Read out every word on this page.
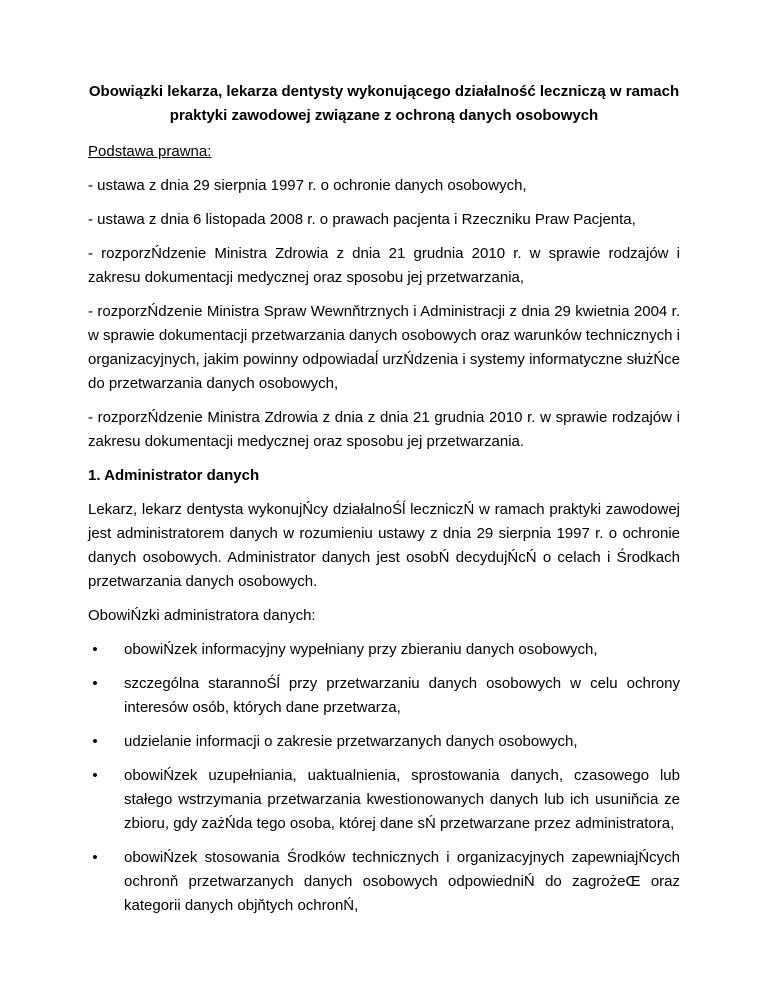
Obowiązki lekarza, lekarza dentysty wykonującego działalność leczniczą w ramach
praktyki zawodowej związane z ochroną danych osobowych
Podstawa prawna:

- ustawa z dnia 29 sierpnia 1997 r. o ochronie danych osobowych,

- ustawa z dnia 6 listopada 2008 r. o prawach pacjenta i Rzeczniku Praw Pacjenta,

- rozporzŃdzenie Ministra Zdrowia z dnia 21 grudnia 2010 r. w sprawie rodzajów i zakresu dokumentacji medycznej oraz sposobu jej przetwarzania,

- rozporzŃdzenie Ministra Spraw Wewnňtrznych i Administracji z dnia 29 kwietnia 2004 r. w sprawie dokumentacji przetwarzania danych osobowych oraz warunków technicznych i organizacyjnych, jakim powinny odpowiadaĺ urzŃdzenia i systemy informatyczne służŃce do przetwarzania danych osobowych,

- rozporzŃdzenie Ministra Zdrowia z dnia z dnia 21 grudnia 2010 r. w sprawie rodzajów i zakresu dokumentacji medycznej oraz sposobu jej przetwarzania.

1. Administrator danych

Lekarz, lekarz dentysta wykonujŃcy działalnoŚĺ leczniczŃ w ramach praktyki zawodowej jest administratorem danych w rozumieniu ustawy z dnia 29 sierpnia 1997 r. o ochronie danych osobowych. Administrator danych jest osobŃ decydujŃcŃ o celach i Środkach przetwarzania danych osobowych.

ObowiŃzki administratora danych:

• obowiŃzek informacyjny wypełniany przy zbieraniu danych osobowych,
• szczególna starannoŚĺ przy przetwarzaniu danych osobowych w celu ochrony interesów osób, których dane przetwarza,
• udzielanie informacji o zakresie przetwarzanych danych osobowych,
• obowiŃzek uzupełniania, uaktualnienia, sprostowania danych, czasowego lub stałego wstrzymania przetwarzania kwestionowanych danych lub ich usuniňcia ze zbioru, gdy zażŃda tego osoba, której dane sŃ przetwarzane przez administratora,
• obowiŃzek stosowania Środków technicznych i organizacyjnych zapewniajŃcych ochronň przetwarzanych danych osobowych odpowiedniŃ do zagrożeŒ oraz kategorii danych objňtych ochronŃ,
